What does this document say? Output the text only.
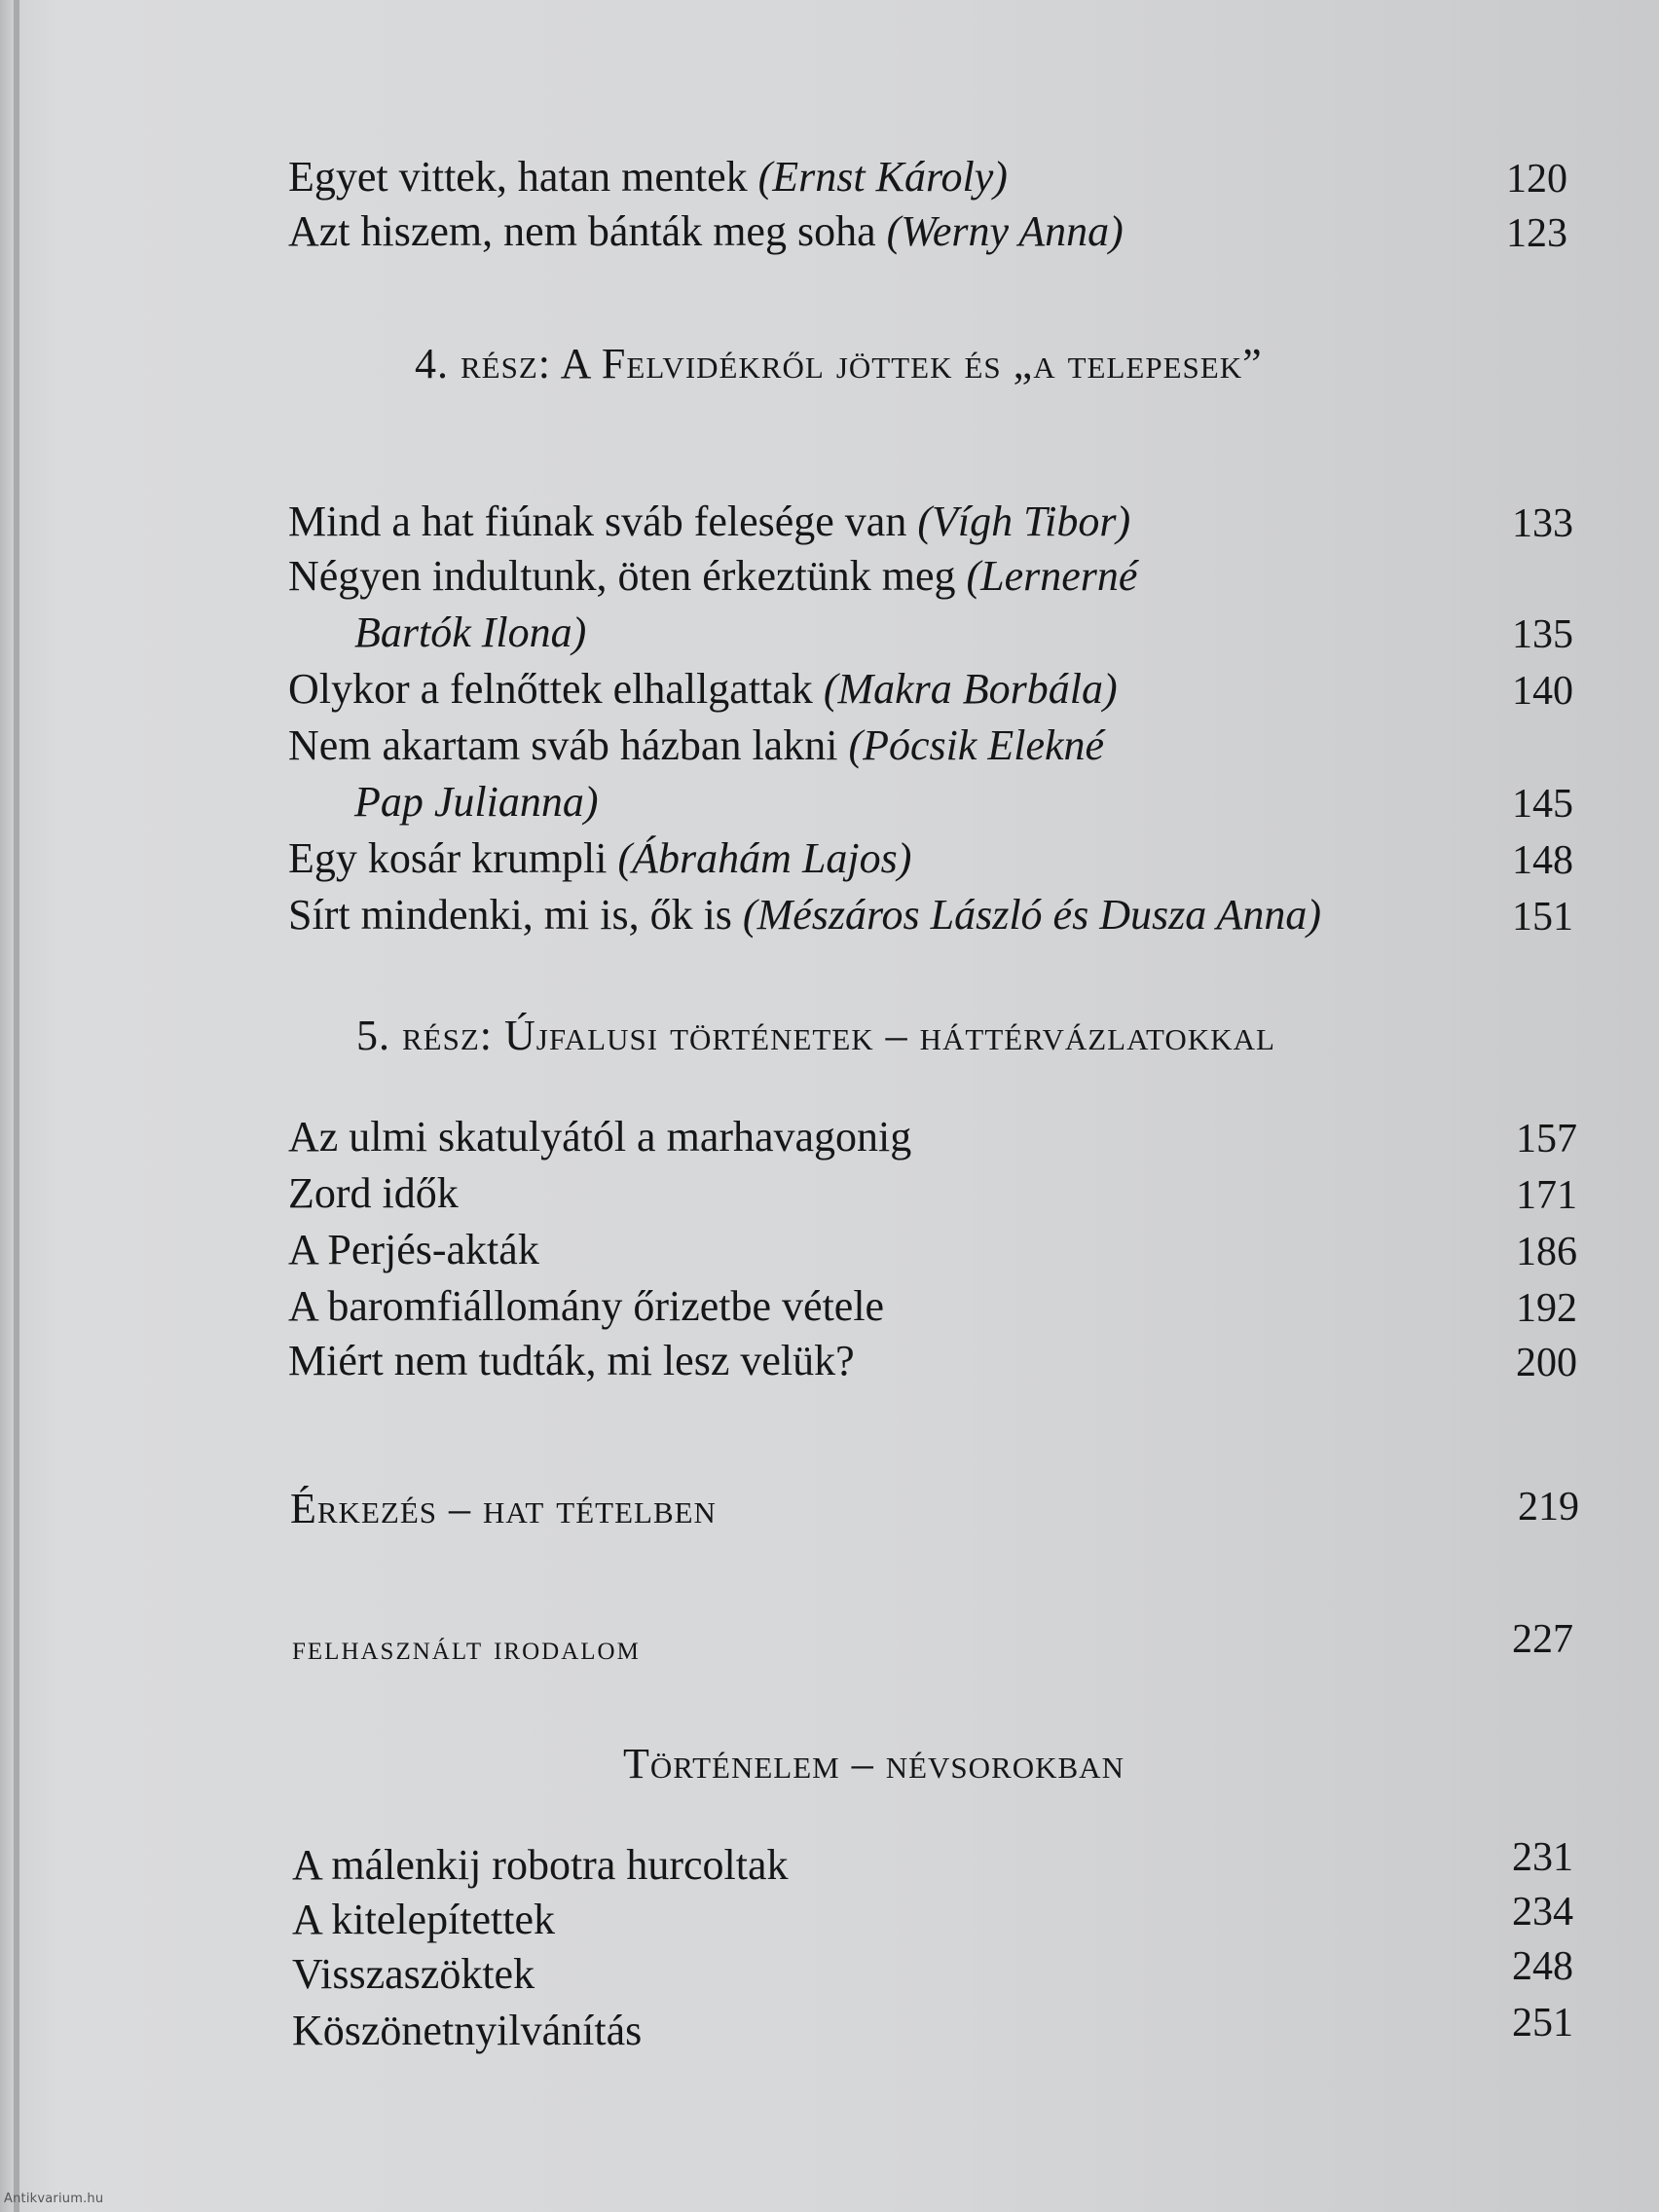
Egyet vittek, hatan mentek (Ernst Károly)	120
Azt hiszem, nem bánták meg soha (Werny Anna)	123
4. rész: A Felvidékről jöttek és „a telepesek”
Mind a hat fiúnak sváb felesége van (Vígh Tibor)	133
Négyen indultunk, öten érkeztünk meg (Lernerné
Bartók Ilona)	135
Olykor a felnőttek elhallgattak (Makra Borbála)	140
Nem akartam sváb házban lakni (Pócsik Elekné
Pap Julianna)	145
Egy kosár krumpli (Ábrahám Lajos)	148
Sírt mindenki, mi is, ők is (Mészáros László és Dusza Anna)	151
5. rész: Újfalusi történetek – háttérvázlatokkal
Az ulmi skatulyától a marhavagonig	157
Zord idők	171
A Perjés-akták	186
A baromfiállomány őrizetbe vétele	192
Miért nem tudták, mi lesz velük?	200
Érkezés – hat tételben	219
felhasznált irodalom	227
Történelem – névsorokban
A málenkij robotra hurcoltak	231
A kitelepítettek	234
Visszaszöktek	248
Köszönetnyilvánítás	251
Antikvarium.hu
